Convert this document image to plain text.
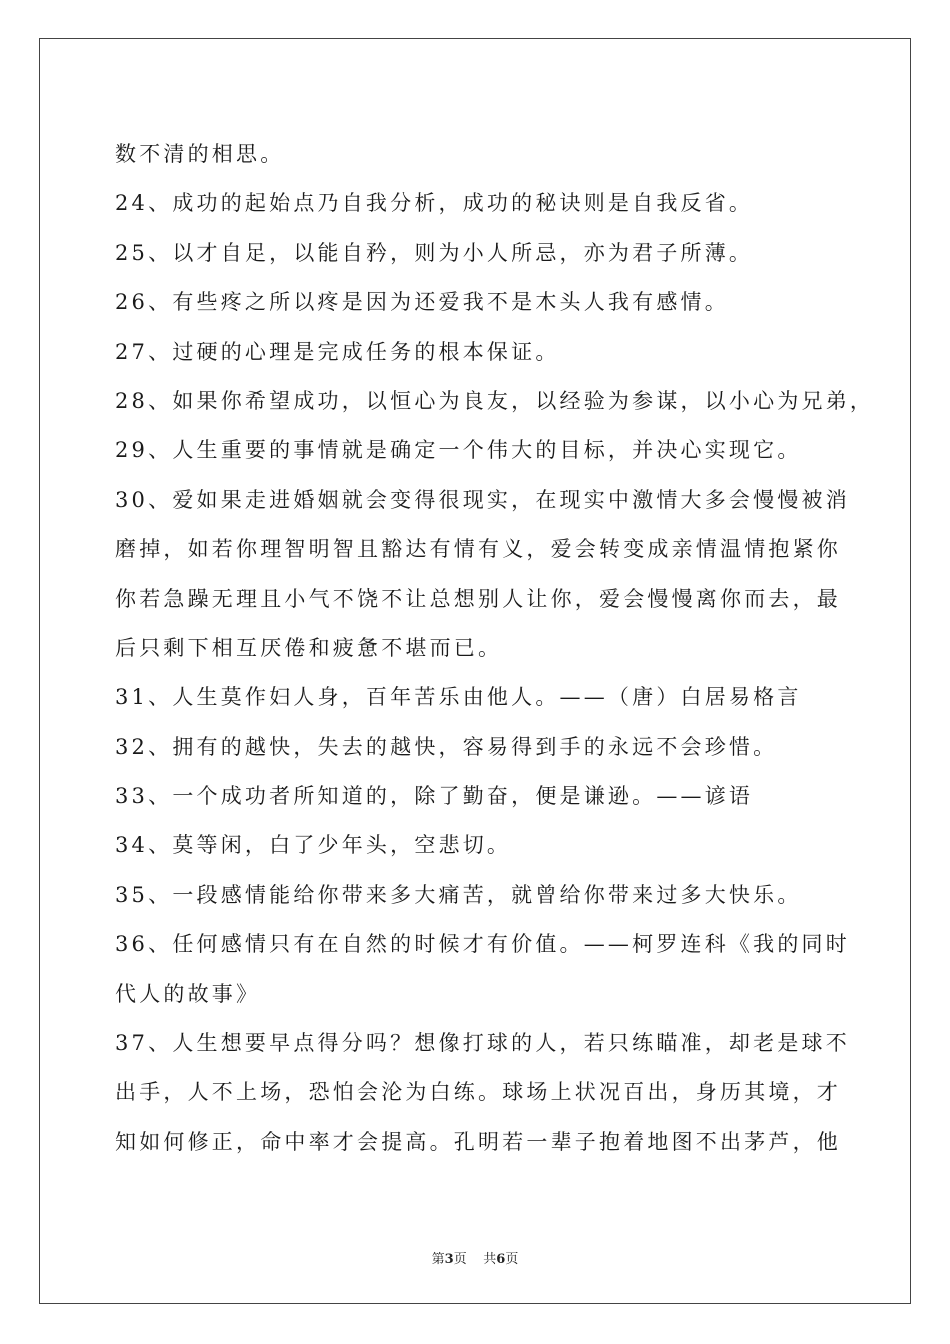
数不清的相思。
24、成功的起始点乃自我分析，成功的秘诀则是自我反省。
25、以才自足，以能自矜，则为小人所忌，亦为君子所薄。
26、有些疼之所以疼是因为还爱我不是木头人我有感情。
27、过硬的心理是完成任务的根本保证。
28、如果你希望成功，以恒心为良友，以经验为参谋，以小心为兄弟，
29、人生重要的事情就是确定一个伟大的目标，并决心实现它。
30、爱如果走进婚姻就会变得很现实，在现实中激情大多会慢慢被消
磨掉，如若你理智明智且豁达有情有义，爱会转变成亲情温情抱紧你
你若急躁无理且小气不饶不让总想别人让你，爱会慢慢离你而去，最
后只剩下相互厌倦和疲惫不堪而已。
31、人生莫作妇人身，百年苦乐由他人。——（唐）白居易格言
32、拥有的越快，失去的越快，容易得到手的永远不会珍惜。
33、一个成功者所知道的，除了勤奋，便是谦逊。——谚语
34、莫等闲，白了少年头，空悲切。
35、一段感情能给你带来多大痛苦，就曾给你带来过多大快乐。
36、任何感情只有在自然的时候才有价值。——柯罗连科《我的同时
代人的故事》
37、人生想要早点得分吗？想像打球的人，若只练瞄准，却老是球不
出手，人不上场，恐怕会沦为白练。球场上状况百出，身历其境，才
知如何修正，命中率才会提高。孔明若一辈子抱着地图不出茅芦，他
第3页 共6页
